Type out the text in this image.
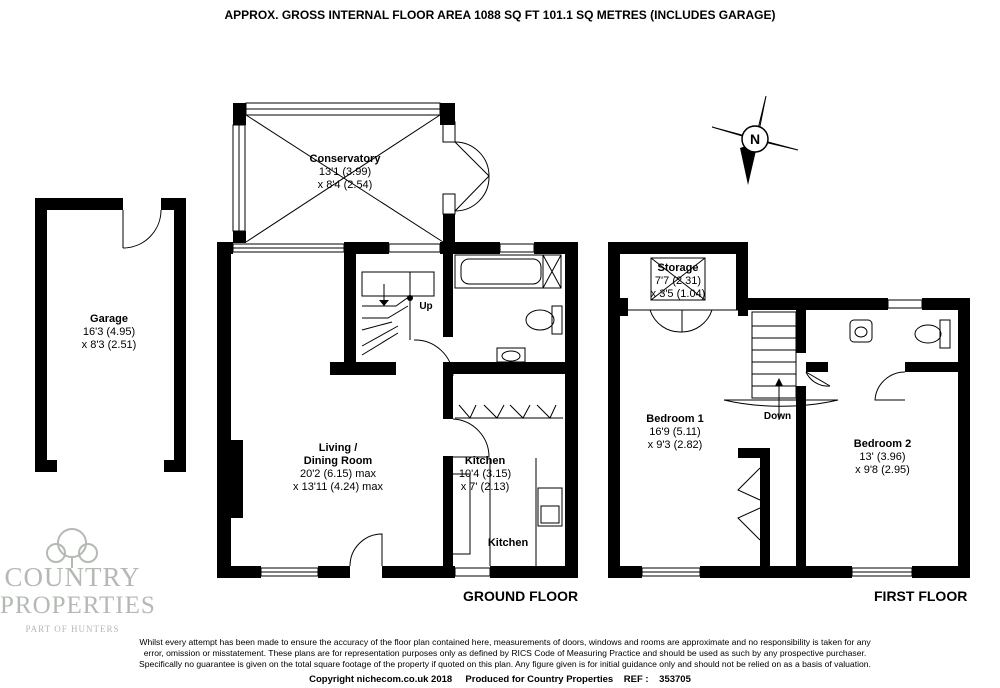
APPROX. GROSS INTERNAL FLOOR AREA 1088 SQ FT 101.1 SQ METRES (INCLUDES GARAGE)
Garage
16'3 (4.95)
x 8'3 (2.51)
Conservatory
13'1 (3.99)
x 8'4 (2.54)
Living /
Dining Room
20'2 (6.15) max
x 13'11 (4.24) max
Kitchen
10'4 (3.15)
x 7' (2.13)
Kitchen
Storage
7'7 (2.31)
x 3'5 (1.04)
Bedroom 1
16'9 (5.11)
x 9'3 (2.82)	Bedroom 2
13' (3.96)
x 9'8 (2.95)
Up
Down
N
GROUND FLOOR	FIRST FLOOR
COUNTRY
PROPERTIES
PART OF HUNTERS
Whilst every attempt has been made to ensure the accuracy of the floor plan contained here, measurements of doors, windows and rooms are approximate and no responsibility is taken for any
error, omission or misstatement. These plans are for representation purposes only as defined by RICS Code of Measuring Practice and should be used as such by any prospective purchaser.
Specifically no guarantee is given on the total square footage of the property if quoted on this plan. Any figure given is for initial guidance only and should not be relied on as a basis of valuation.
Copyright nichecom.co.uk 2018 Produced for Country Properties REF : 353705
